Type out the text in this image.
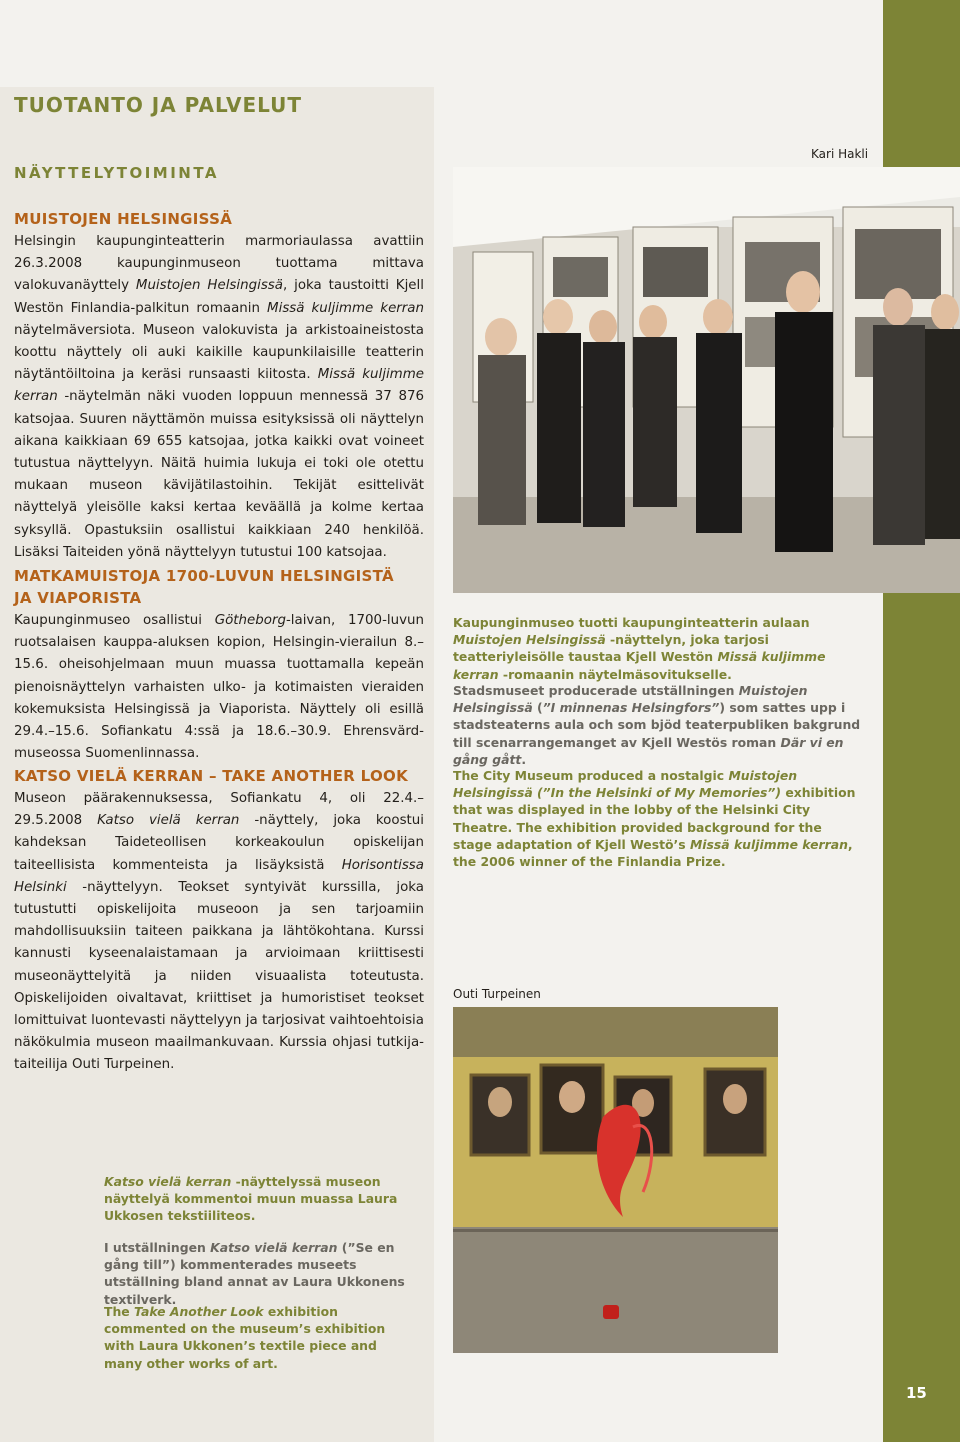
TUOTANTO JA PALVELUT
NÄYTTELYTOIMINTA
MUISTOJEN HELSINGISSÄ

Helsingin kaupunginteatterin marmoriaulassa avattiin 26.3.2008 kaupunginmuseon tuottama mittava valokuvanäyttely Muistojen Helsingissä, joka taustoitti Kjell Westön Finlandia-palkitun romaanin Missä kuljimme kerran näytelmäversiota. Museon valokuvista ja arkistoaineistosta koottu näyttely oli auki kaikille kaupunkilaisille teatterin näytäntöiltoina ja keräsi runsaasti kiitosta. Missä kuljimme kerran -näytelmän näki vuoden loppuun mennessä 37 876 katsojaa. Suuren näyttämön muissa esityksissä oli näyttelyn aikana kaikkiaan 69 655 katsojaa, jotka kaikki ovat voineet tutustua näyttelyyn. Näitä huimia lukuja ei toki ole otettu mukaan museon kävijätilastoihin. Tekijät esittelivät näyttelyä yleisölle kaksi kertaa keväällä ja kolme kertaa syksyllä. Opastuksiin osallistui kaikkiaan 240 henkilöä. Lisäksi Taiteiden yönä näyttelyyn tutustui 100 katsojaa.

MATKAMUISTOJA 1700-LUVUN HELSINGISTÄ
JA VIAPORISTA

Kaupunginmuseo osallistui Götheborg-laivan, 1700-luvun ruotsalaisen kauppa-aluksen kopion, Helsingin-vierailun 8.–15.6. oheisohjelmaan muun muassa tuottamalla kepeän pienoisnäyttelyn varhaisten ulko- ja kotimaisten vieraiden kokemuksista Helsingissä ja Viaporista. Näyttely oli esillä 29.4.–15.6. Sofiankatu 4:ssä ja 18.6.–30.9. Ehrensvärd-museossa Suomenlinnassa.

KATSO VIELÄ KERRAN – TAKE ANOTHER LOOK

Museon päärakennuksessa, Sofiankatu 4, oli 22.4.–29.5.2008 Katso vielä kerran -näyttely, joka koostui kahdeksan Taideteollisen korkeakoulun opiskelijan taiteellisista kommenteista ja lisäyksistä Horisontissa Helsinki -näyttelyyn. Teokset syntyivät kurssilla, joka tutustutti opiskelijoita museoon ja sen tarjoamiin mahdollisuuksiin taiteen paikkana ja lähtökohtana. Kurssi kannusti kyseenalaistamaan ja arvioimaan kriittisesti museonäyttelyitä ja niiden visuaalista toteutusta. Opiskelijoiden oivaltavat, kriittiset ja humoristiset teokset lomittuivat luontevasti näyttelyyn ja tarjosivat vaihtoehtoisia näkökulmia museon maailmankuvaan. Kurssia ohjasi tutkija-taiteilija Outi Turpeinen.

Kari Hakli

Kaupunginmuseo tuotti kaupunginteatterin aulaan Muistojen Helsingissä -näyttelyn, joka tarjosi teatteriyleisölle taustaa Kjell Westön Missä kuljimme kerran -romaanin näytelmäsovitukselle.

Stadsmuseet producerade utställningen Muistojen Helsingissä (”I minnenas Helsingfors”) som sattes upp i stadsteaterns aula och som bjöd teaterpubliken bakgrund till scenarrangemanget av Kjell Westös roman Där vi en gång gått.

The City Museum produced a nostalgic Muistojen Helsingissä (”In the Helsinki of My Memories”) exhibition that was displayed in the lobby of the Helsinki City Theatre. The exhibition provided background for the stage adaptation of Kjell Westö’s Missä kuljimme kerran, the 2006 winner of the Finlandia Prize.

Outi Turpeinen

Katso vielä kerran -näyttelyssä museon näyttelyä kommentoi muun muassa Laura Ukkosen tekstiiliteos.

I utställningen Katso vielä kerran (”Se en gång till”) kommenterades museets utställning bland annat av Laura Ukkonens textilverk.

The Take Another Look exhibition commented on the museum’s exhibition with Laura Ukkonen’s textile piece and many other works of art.

15
